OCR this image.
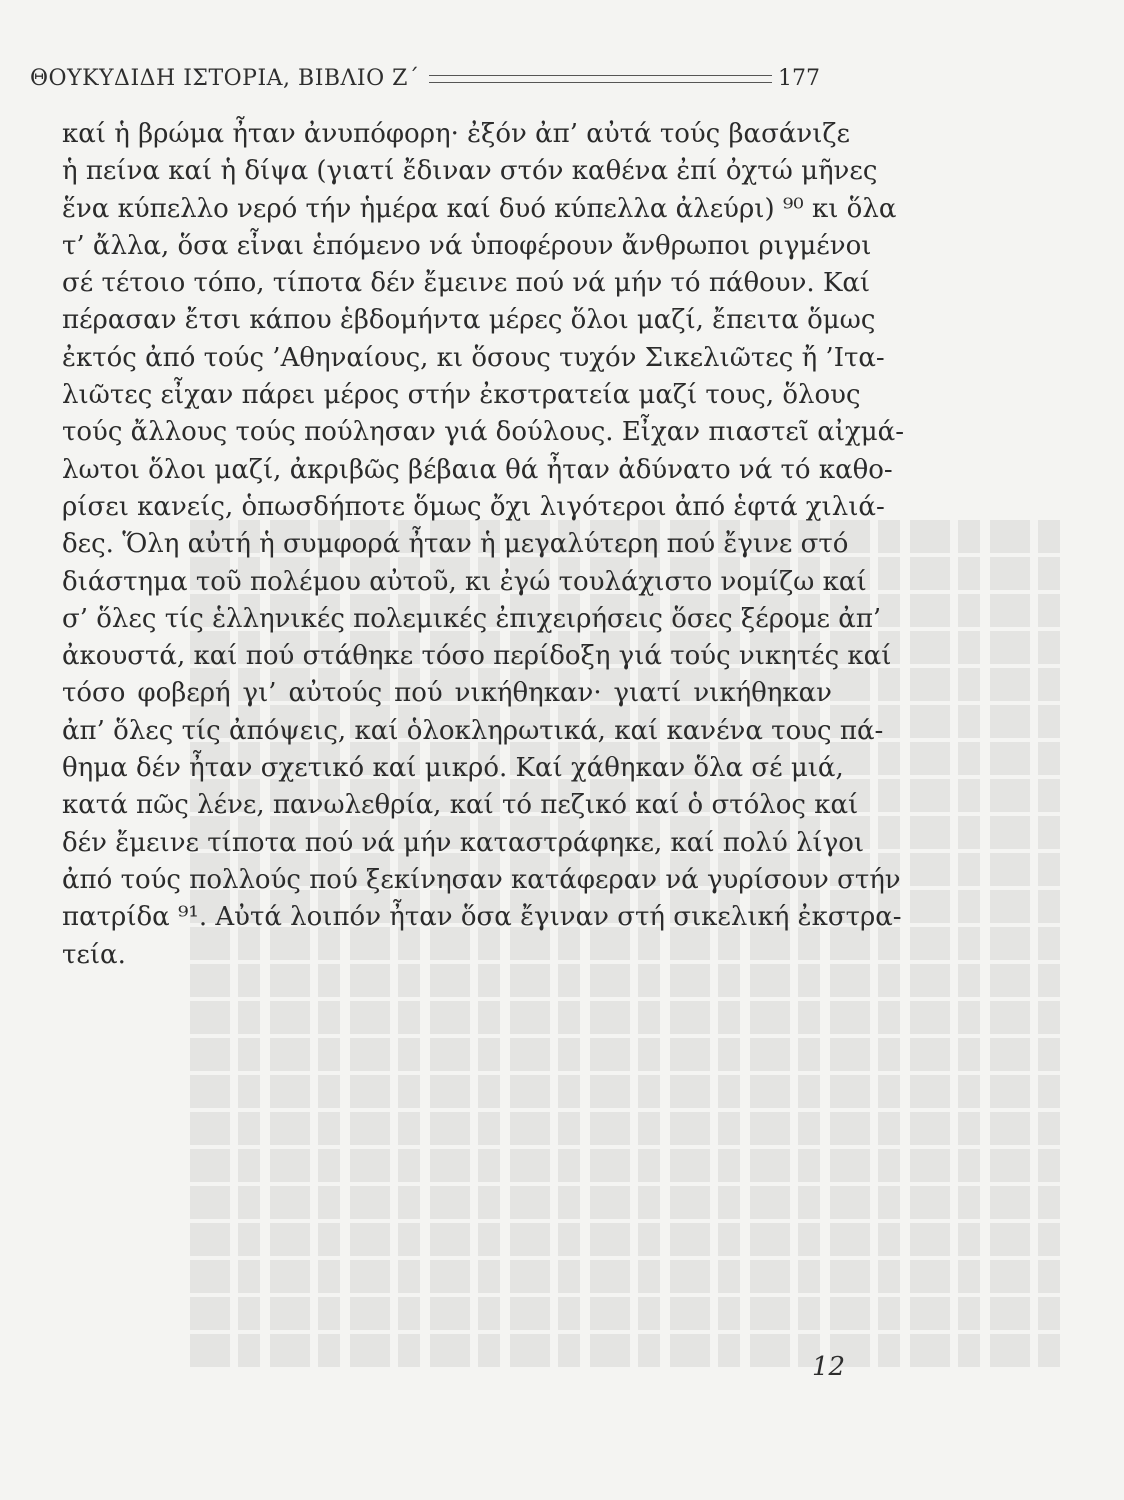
ΘΟΥΚΥΔΙΔΗ ΙΣΤΟΡΙΑ, ΒΙΒΛΙΟ Ζ΄	177
καί ἡ βρώμα ἦταν ἀνυπόφορη· ἐξόν ἀπ’ αὐτά τούς βασάνιζε
ἡ πείνα καί ἡ δίψα (γιατί ἔδιναν στόν καθένα ἐπί ὀχτώ μῆνες
ἕνα κύπελλο νερό τήν ἡμέρα καί δυό κύπελλα ἀλεύρι) ⁹⁰ κι ὅλα
τ’ ἄλλα, ὅσα εἶναι ἑπόμενο νά ὑποφέρουν ἄνθρωποι ριγμένοι
σέ τέτοιο τόπο, τίποτα δέν ἔμεινε πού νά μήν τό πάθουν. Καί
πέρασαν ἔτσι κάπου ἑβδομήντα μέρες ὅλοι μαζί, ἔπειτα ὅμως
ἐκτός ἀπό τούς ’Αθηναίους, κι ὅσους τυχόν Σικελιῶτες ἤ ’Ιτα-
λιῶτες εἶχαν πάρει μέρος στήν ἐκστρατεία μαζί τους, ὅλους
τούς ἄλλους τούς πούλησαν γιά δούλους. Εἶχαν πιαστεῖ αἰχμά-
λωτοι ὅλοι μαζί, ἀκριβῶς βέβαια θά ἦταν ἀδύνατο νά τό καθο-
ρίσει κανείς, ὁπωσδήποτε ὅμως ὄχι λιγότεροι ἀπό ἑφτά χιλιά-
δες. Ὅλη αὐτή ἡ συμφορά ἦταν ἡ μεγαλύτερη πού ἔγινε στό
διάστημα τοῦ πολέμου αὐτοῦ, κι ἐγώ τουλάχιστο νομίζω καί
σ’ ὅλες τίς ἑλληνικές πολεμικές ἐπιχειρήσεις ὅσες ξέρομε ἀπ’
ἀκουστά, καί πού στάθηκε τόσο περίδοξη γιά τούς νικητές καί
τόσο φοβερή γι’ αὐτούς πού νικήθηκαν· γιατί νικήθηκαν
ἀπ’ ὅλες τίς ἀπόψεις, καί ὁλοκληρωτικά, καί κανένα τους πά-
θημα δέν ἦταν σχετικό καί μικρό. Καί χάθηκαν ὅλα σέ μιά,
κατά πῶς λένε, πανωλεθρία, καί τό πεζικό καί ὁ στόλος καί
δέν ἔμεινε τίποτα πού νά μήν καταστράφηκε, καί πολύ λίγοι
ἀπό τούς πολλούς πού ξεκίνησαν κατάφεραν νά γυρίσουν στήν
πατρίδα ⁹¹. Αὐτά λοιπόν ἦταν ὅσα ἔγιναν στή σικελική ἐκστρα-
τεία.
12
